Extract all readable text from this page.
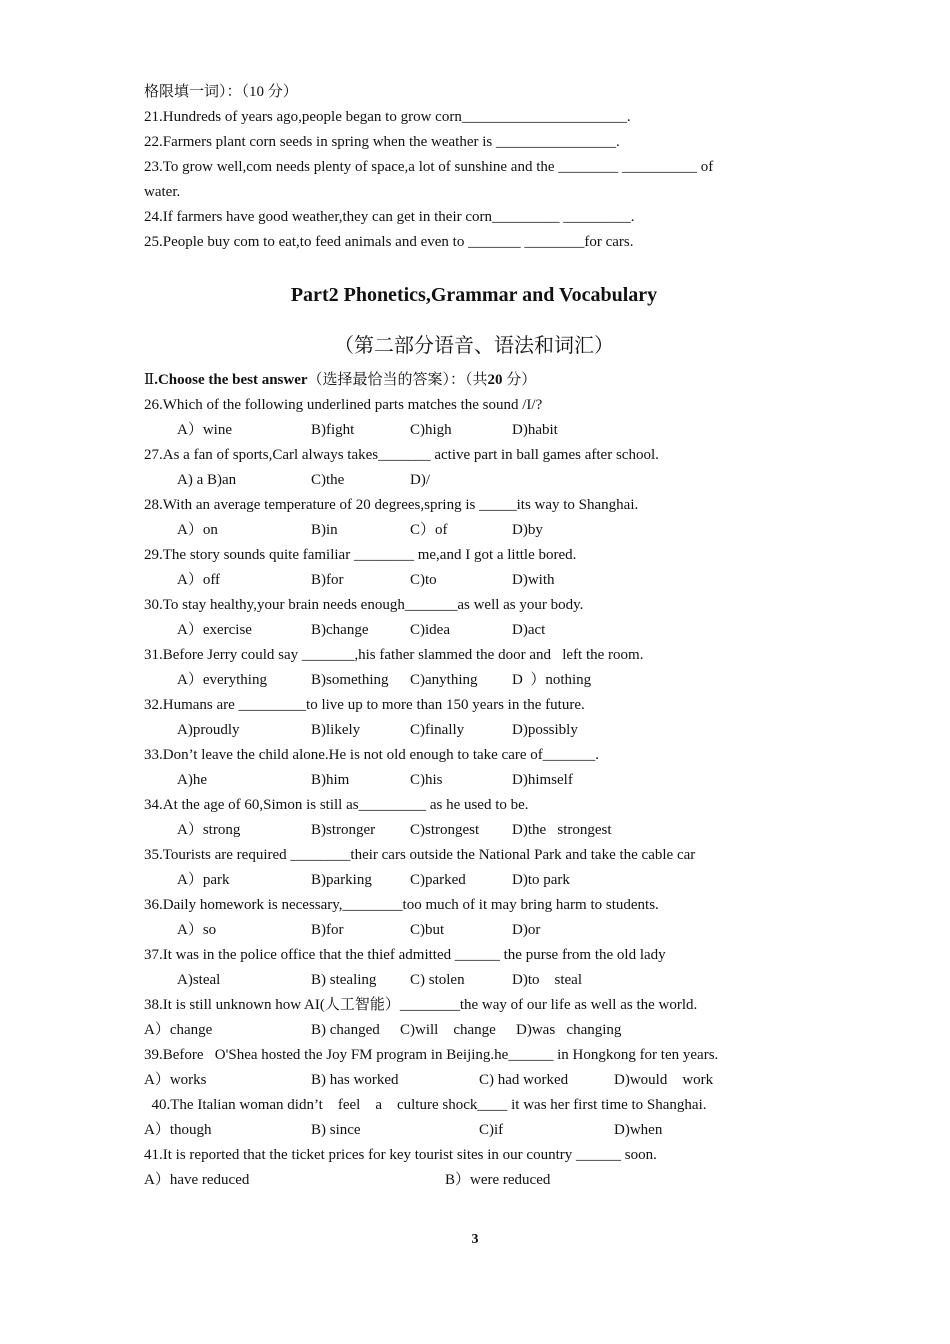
格限填一词）：（10 分）
21.Hundreds of years ago,people began to grow corn______________________.
22.Farmers plant corn seeds in spring when the weather is ________________.
23.To grow well,com needs plenty of space,a lot of sunshine and the ________ __________ of
water.
24.If farmers have good weather,they can get in their corn_________ _________.
25.People buy com to eat,to feed animals and even to _______ ________for cars.
Part2 Phonetics,Grammar and Vocabulary
（第二部分语音、语法和词汇）
Ⅱ.Choose the best answer（选择最恰当的答案）：（共20 分）
26.Which of the following underlined parts matches the sound /I/?
A）wine	B)fight	C)high	D)habit
27.As a fan of sports,Carl always takes_______ active part in ball games after school.
A) a B)an	C)the	D)/
28.With an average temperature of 20 degrees,spring is _____its way to Shanghai.
A）on	B)in	C）of	D)by
29.The story sounds quite familiar ________ me,and I got a little bored.
A）off	B)for	C)to	D)with
30.To stay healthy,your brain needs enough_______as well as your body.
A）exercise	B)change	C)idea	D)act
31.Before Jerry could say _______,his father slammed the door and   left the room.
A）everything	B)something C)anything D  ）nothing
32.Humans are _________to live up to more than 150 years in the future.
A)proudly	B)likely	C)finally	D)possibly
33.Don’t leave the child alone.He is not old enough to take care of_______.
A)he	B)him	C)his	D)himself
34.At the age of 60,Simon is still as_________ as he used to be.
A）strong	B)stronger C)strongest D)the   strongest
35.Tourists are required ________their cars outside the National Park and take the cable car
A）park	B)parking	C)parked	D)to park
36.Daily homework is necessary,________too much of it may bring harm to students.
A）so	B)for	C)but	D)or
37.It was in the police office that the thief admitted ______ the purse from the old lady
A)steal	B) stealing C) stolen	D)to    steal
38.It is still unknown how AI(人工智能）________the way of our life as well as the world.
A）change	B) changed C)will    change D)was   changing
39.Before   O'Shea hosted the Joy FM program in Beijing.he______ in Hongkong for ten years.
A）works	B) has worked	C) had worked	D)would    work
40.The Italian woman didn’t    feel    a    culture shock____ it was her first time to Shanghai.
A）though	B) since	C)if	D)when
41.It is reported that the ticket prices for key tourist sites in our country ______ soon.
A）have reduced	B）were reduced
3
